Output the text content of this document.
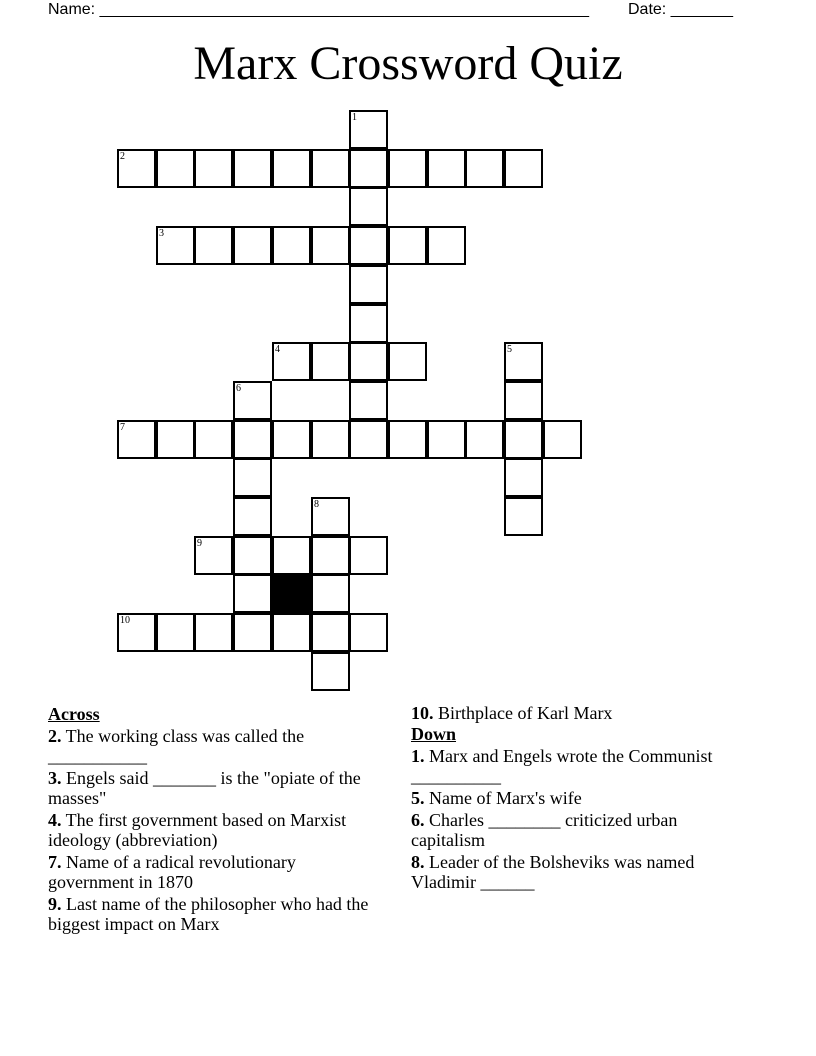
Name: _______________________________________________________ Date: _______
Marx Crossword Quiz
1
2
3
4	5
6
7
8
9
10
Across
2. The working class was called the ___________
3. Engels said _______ is the "opiate of the masses"
4. The first government based on Marxist ideology (abbreviation)
7. Name of a radical revolutionary government in 1870
9. Last name of the philosopher who had the biggest impact on Marx
10. Birthplace of Karl Marx
Down
1. Marx and Engels wrote the Communist __________
5. Name of Marx's wife
6. Charles ________ criticized urban capitalism
8. Leader of the Bolsheviks was named Vladimir ______
